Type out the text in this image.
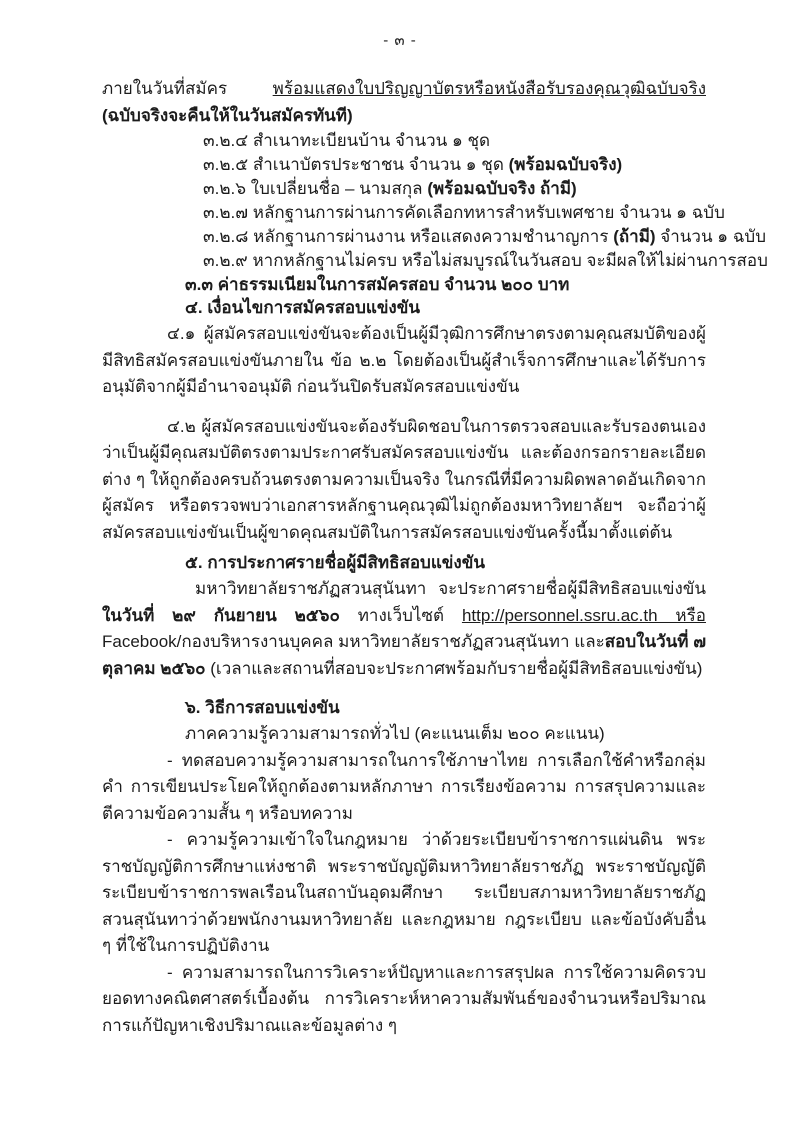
- ๓ -

ภายในวันที่สมัคร พร้อมแสดงใบปริญญาบัตรหรือหนังสือรับรองคุณวุฒิฉบับจริง (ฉบับจริงจะคืนให้ในวันสมัครทันที)

๓.๒.๔ สำเนาทะเบียนบ้าน จำนวน ๑ ชุด
๓.๒.๕ สำเนาบัตรประชาชน จำนวน ๑ ชุด (พร้อมฉบับจริง)
๓.๒.๖ ใบเปลี่ยนชื่อ – นามสกุล (พร้อมฉบับจริง ถ้ามี)
๓.๒.๗ หลักฐานการผ่านการคัดเลือกทหารสำหรับเพศชาย จำนวน ๑ ฉบับ
๓.๒.๘ หลักฐานการผ่านงาน หรือแสดงความชำนาญการ (ถ้ามี) จำนวน ๑ ฉบับ
๓.๒.๙ หากหลักฐานไม่ครบ หรือไม่สมบูรณ์ในวันสอบ จะมีผลให้ไม่ผ่านการสอบ
๓.๓ ค่าธรรมเนียมในการสมัครสอบ จำนวน ๒๐๐ บาท
๔. เงื่อนไขการสมัครสอบแข่งขัน

๔.๑ ผู้สมัครสอบแข่งขันจะต้องเป็นผู้มีวุฒิการศึกษาตรงตามคุณสมบัติของผู้มีสิทธิสมัครสอบแข่งขันภายใน ข้อ ๒.๒ โดยต้องเป็นผู้สำเร็จการศึกษาและได้รับการอนุมัติจากผู้มีอำนาจอนุมัติ ก่อนวันปิดรับสมัครสอบแข่งขัน

๔.๒ ผู้สมัครสอบแข่งขันจะต้องรับผิดชอบในการตรวจสอบและรับรองตนเองว่าเป็นผู้มีคุณสมบัติตรงตามประกาศรับสมัครสอบแข่งขัน และต้องกรอกรายละเอียดต่าง ๆ ให้ถูกต้องครบถ้วนตรงตามความเป็นจริง ในกรณีที่มีความผิดพลาดอันเกิดจากผู้สมัคร หรือตรวจพบว่าเอกสารหลักฐานคุณวุฒิไม่ถูกต้องมหาวิทยาลัยฯ จะถือว่าผู้สมัครสอบแข่งขันเป็นผู้ขาดคุณสมบัติในการสมัครสอบแข่งขันครั้งนี้มาตั้งแต่ต้น

๕. การประกาศรายชื่อผู้มีสิทธิสอบแข่งขัน

มหาวิทยาลัยราชภัฏสวนสุนันทา จะประกาศรายชื่อผู้มีสิทธิสอบแข่งขัน ในวันที่ ๒๙ กันยายน ๒๕๖๐ ทางเว็บไซต์ http://personnel.ssru.ac.th หรือ Facebook/กองบริหารงานบุคคล มหาวิทยาลัยราชภัฏสวนสุนันทา และสอบในวันที่ ๗ ตุลาคม ๒๕๖๐ (เวลาและสถานที่สอบจะประกาศพร้อมกับรายชื่อผู้มีสิทธิสอบแข่งขัน)

๖. วิธีการสอบแข่งขัน

ภาคความรู้ความสามารถทั่วไป (คะแนนเต็ม ๒๐๐ คะแนน)

- ทดสอบความรู้ความสามารถในการใช้ภาษาไทย การเลือกใช้คำหรือกลุ่มคำ การเขียนประโยคให้ถูกต้องตามหลักภาษา การเรียงข้อความ การสรุปความและตีความข้อความสั้น ๆ หรือบทความ

- ความรู้ความเข้าใจในกฎหมาย ว่าด้วยระเบียบข้าราชการแผ่นดิน พระราชบัญญัติการศึกษาแห่งชาติ พระราชบัญญัติมหาวิทยาลัยราชภัฏ พระราชบัญญัติระเบียบข้าราชการพลเรือนในสถาบันอุดมศึกษา ระเบียบสภามหาวิทยาลัยราชภัฏสวนสุนันทาว่าด้วยพนักงานมหาวิทยาลัย และกฎหมาย กฎระเบียบ และข้อบังคับอื่น ๆ ที่ใช้ในการปฏิบัติงาน

- ความสามารถในการวิเคราะห์ปัญหาและการสรุปผล การใช้ความคิดรวบยอดทางคณิตศาสตร์เบื้องต้น การวิเคราะห์หาความสัมพันธ์ของจำนวนหรือปริมาณ การแก้ปัญหาเชิงปริมาณและข้อมูลต่าง ๆ
